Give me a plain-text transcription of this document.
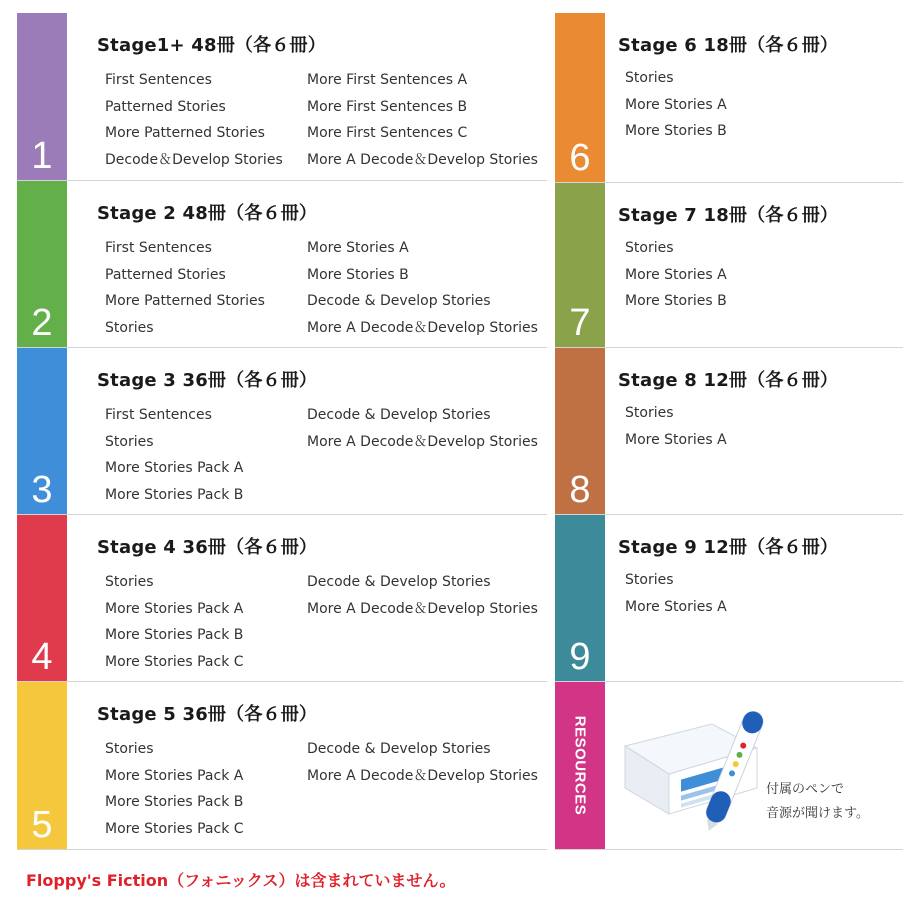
1
Stage1+ 48冊（各６冊）
First Sentences
Patterned Stories
More Patterned Stories
Decode＆Develop Stories
More First Sentences A
More First Sentences B
More First Sentences C
More A Decode＆Develop Stories
2
Stage 2 48冊（各６冊）
First Sentences
Patterned Stories
More Patterned Stories
Stories
More Stories A
More Stories B
Decode & Develop Stories
More A Decode＆Develop Stories
3
Stage 3 36冊（各６冊）
First Sentences
Stories
More Stories Pack A
More Stories Pack B
Decode & Develop Stories
More A Decode＆Develop Stories
4
Stage 4 36冊（各６冊）
Stories
More Stories Pack A
More Stories Pack B
More Stories Pack C
Decode & Develop Stories
More A Decode＆Develop Stories
5
Stage 5 36冊（各６冊）
Stories
More Stories Pack A
More Stories Pack B
More Stories Pack C
Decode & Develop Stories
More A Decode＆Develop Stories
6
Stage 6 18冊（各６冊）
Stories
More Stories A
More Stories B
7
Stage 7 18冊（各６冊）
Stories
More Stories A
More Stories B
8
Stage 8 12冊（各６冊）
Stories
More Stories A
9
Stage 9 12冊（各６冊）
Stories
More Stories A
RESOURCES	付属のペンで
音源が聞けます。
Floppy's Fiction（フォニックス）は含まれていません。
